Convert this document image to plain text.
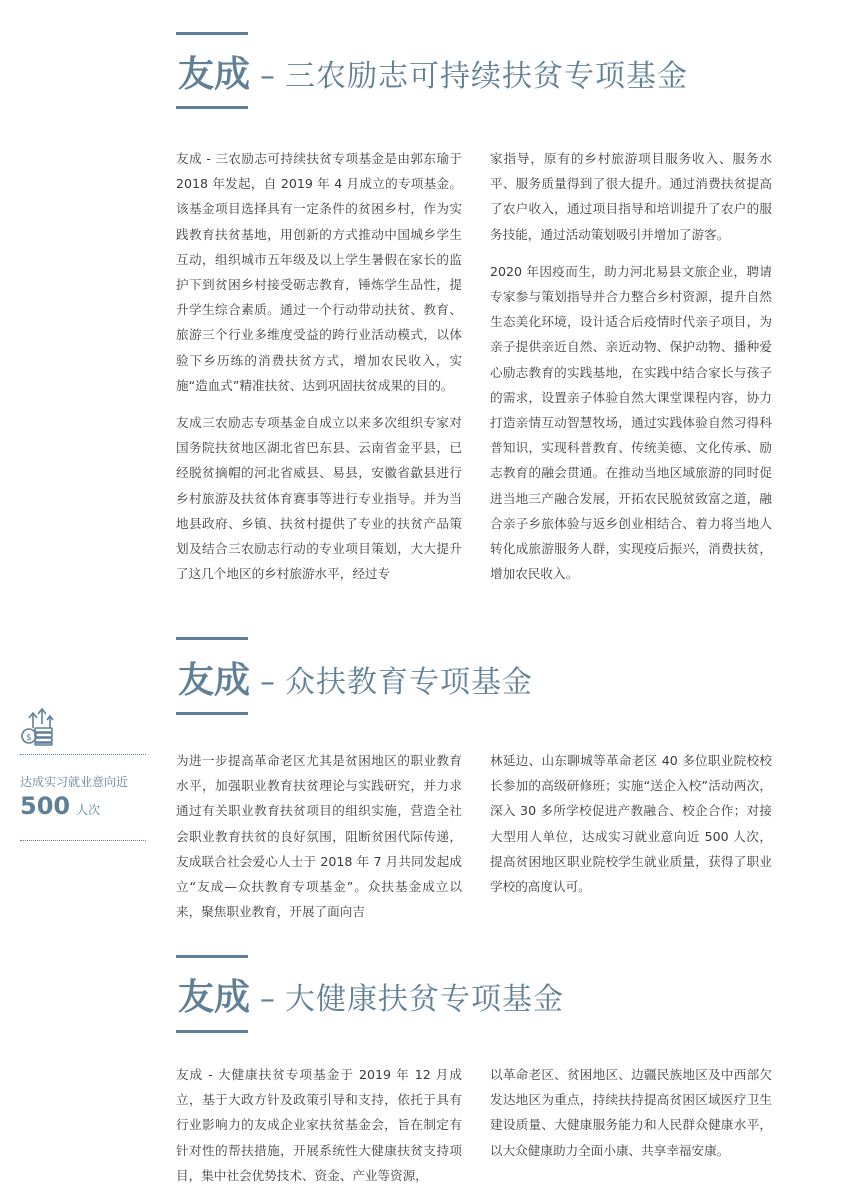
友成 – 三农励志可持续扶贫专项基金

友成 - 三农励志可持续扶贫专项基金是由郭东瑜于 2018 年发起，自 2019 年 4 月成立的专项基金。该基金项目选择具有一定条件的贫困乡村，作为实践教育扶贫基地，用创新的方式推动中国城乡学生互动，组织城市五年级及以上学生暑假在家长的监护下到贫困乡村接受砺志教育，锤炼学生品性，提升学生综合素质。通过一个行动带动扶贫、教育、旅游三个行业多维度受益的跨行业活动模式，以体验下乡历练的消费扶贫方式，增加农民收入，实施“造血式”精准扶贫、达到巩固扶贫成果的目的。

友成三农励志专项基金自成立以来多次组织专家对国务院扶贫地区湖北省巴东县、云南省金平县，已经脱贫摘帽的河北省威县、易县，安徽省歙县进行乡村旅游及扶贫体育赛事等进行专业指导。并为当地县政府、乡镇、扶贫村提供了专业的扶贫产品策划及结合三农励志行动的专业项目策划，大大提升了这几个地区的乡村旅游水平，经过专

家指导，原有的乡村旅游项目服务收入、服务水平、服务质量得到了很大提升。通过消费扶贫提高了农户收入，通过项目指导和培训提升了农户的服务技能，通过活动策划吸引并增加了游客。

2020 年因疫而生，助力河北易县文旅企业，聘请专家参与策划指导并合力整合乡村资源，提升自然生态美化环境，设计适合后疫情时代亲子项目，为亲子提供亲近自然、亲近动物、保护动物、播种爱心励志教育的实践基地，在实践中结合家长与孩子的需求，设置亲子体验自然大课堂课程内容，协力打造亲情互动智慧牧场，通过实践体验自然习得科普知识，实现科普教育、传统美德、文化传承、励志教育的融会贯通。在推动当地区域旅游的同时促进当地三产融合发展，开拓农民脱贫致富之道，融合亲子乡旅体验与返乡创业相结合、着力将当地人转化成旅游服务人群，实现疫后振兴，消费扶贫，增加农民收入。

友成 – 众扶教育专项基金

为进一步提高革命老区尤其是贫困地区的职业教育水平，加强职业教育扶贫理论与实践研究，并力求通过有关职业教育扶贫项目的组织实施，营造全社会职业教育扶贫的良好氛围，阻断贫困代际传递，友成联合社会爱心人士于 2018 年 7 月共同发起成立“友成—众扶教育专项基金”。众扶基金成立以来，聚焦职业教育，开展了面向吉

林延边、山东聊城等革命老区 40 多位职业院校校长参加的高级研修班；实施“送企入校”活动两次，深入 30 多所学校促进产教融合、校企合作；对接大型用人单位，达成实习就业意向近 500 人次，提高贫困地区职业院校学生就业质量，获得了职业学校的高度认可。

$
达成实习就业意向近
500 人次
友成 – 大健康扶贫专项基金

友成 - 大健康扶贫专项基金于 2019 年 12 月成立，基于大政方针及政策引导和支持，依托于具有行业影响力的友成企业家扶贫基金会，旨在制定有针对性的帮扶措施，开展系统性大健康扶贫支持项目，集中社会优势技术、资金、产业等资源，

以革命老区、贫困地区、边疆民族地区及中西部欠发达地区为重点，持续扶持提高贫困区域医疗卫生建设质量、大健康服务能力和人民群众健康水平，以大众健康助力全面小康、共享幸福安康。
